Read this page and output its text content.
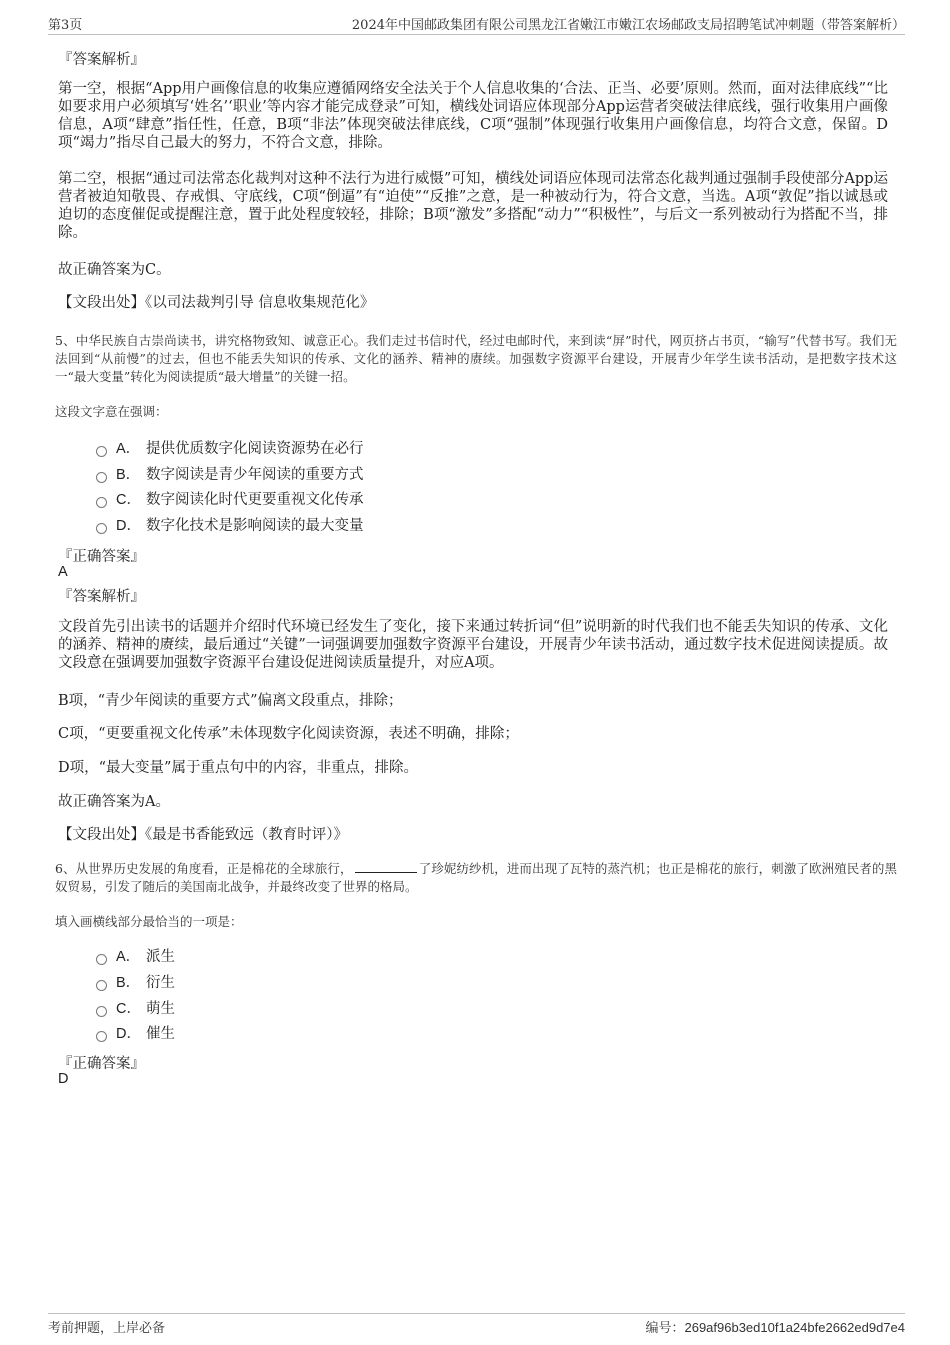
第3页	2024年中国邮政集团有限公司黑龙江省嫩江市嫩江农场邮政支局招聘笔试冲刺题（带答案解析）
『答案解析』

第一空，根据“App用户画像信息的收集应遵循网络安全法关于个人信息收集的‘合法、正当、必要’原则。然而，面对法律底线”“比如要求用户必须填写‘姓名’‘职业’等内容才能完成登录”可知，横线处词语应体现部分App运营者突破法律底线，强行收集用户画像信息，A项“肆意”指任性，任意，B项“非法”体现突破法律底线，C项“强制”体现强行收集用户画像信息，均符合文意，保留。D项“竭力”指尽自己最大的努力，不符合文意，排除。

第二空，根据“通过司法常态化裁判对这种不法行为进行威慑”可知，横线处词语应体现司法常态化裁判通过强制手段使部分App运营者被迫知敬畏、存戒惧、守底线，C项“倒逼”有“迫使”“反推”之意，是一种被动行为，符合文意，当选。A项“敦促”指以诚恳或迫切的态度催促或提醒注意，置于此处程度较轻，排除；B项“激发”多搭配“动力”“积极性”，与后文一系列被动行为搭配不当，排除。

故正确答案为C。
【文段出处】《以司法裁判引导 信息收集规范化》

5、中华民族自古崇尚读书，讲究格物致知、诚意正心。我们走过书信时代，经过电邮时代，来到读“屏”时代，网页挤占书页，“输写”代替书写。我们无法回到“从前慢”的过去，但也不能丢失知识的传承、文化的涵养、精神的赓续。加强数字资源平台建设，开展青少年学生读书活动，是把数字技术这一“最大变量”转化为阅读提质“最大增量”的关键一招。

这段文字意在强调：
A． 提供优质数字化阅读资源势在必行
B． 数字阅读是青少年阅读的重要方式
C． 数字阅读化时代更要重视文化传承
D． 数字化技术是影响阅读的最大变量
『正确答案』
A
『答案解析』

文段首先引出读书的话题并介绍时代环境已经发生了变化，接下来通过转折词“但”说明新的时代我们也不能丢失知识的传承、文化的涵养、精神的赓续，最后通过“关键”一词强调要加强数字资源平台建设，开展青少年读书活动，通过数字技术促进阅读提质。故文段意在强调要加强数字资源平台建设促进阅读质量提升，对应A项。

B项，“青少年阅读的重要方式”偏离文段重点，排除；
C项，“更要重视文化传承”未体现数字化阅读资源，表述不明确，排除；
D项，“最大变量”属于重点句中的内容，非重点，排除。
故正确答案为A。
【文段出处】《最是书香能致远（教育时评）》

6、从世界历史发展的角度看，正是棉花的全球旅行，	了珍妮纺纱机，进而出现了瓦特的蒸汽机；也正是棉花的旅行，刺激了欧洲殖民者的黑奴贸易，引发了随后的美国南北战争，并最终改变了世界的格局。

填入画横线部分最恰当的一项是：
A． 派生
B． 衍生
C． 萌生
D． 催生
『正确答案』
D
考前押题，上岸必备	编号：269af96b3ed10f1a24bfe2662ed9d7e4
